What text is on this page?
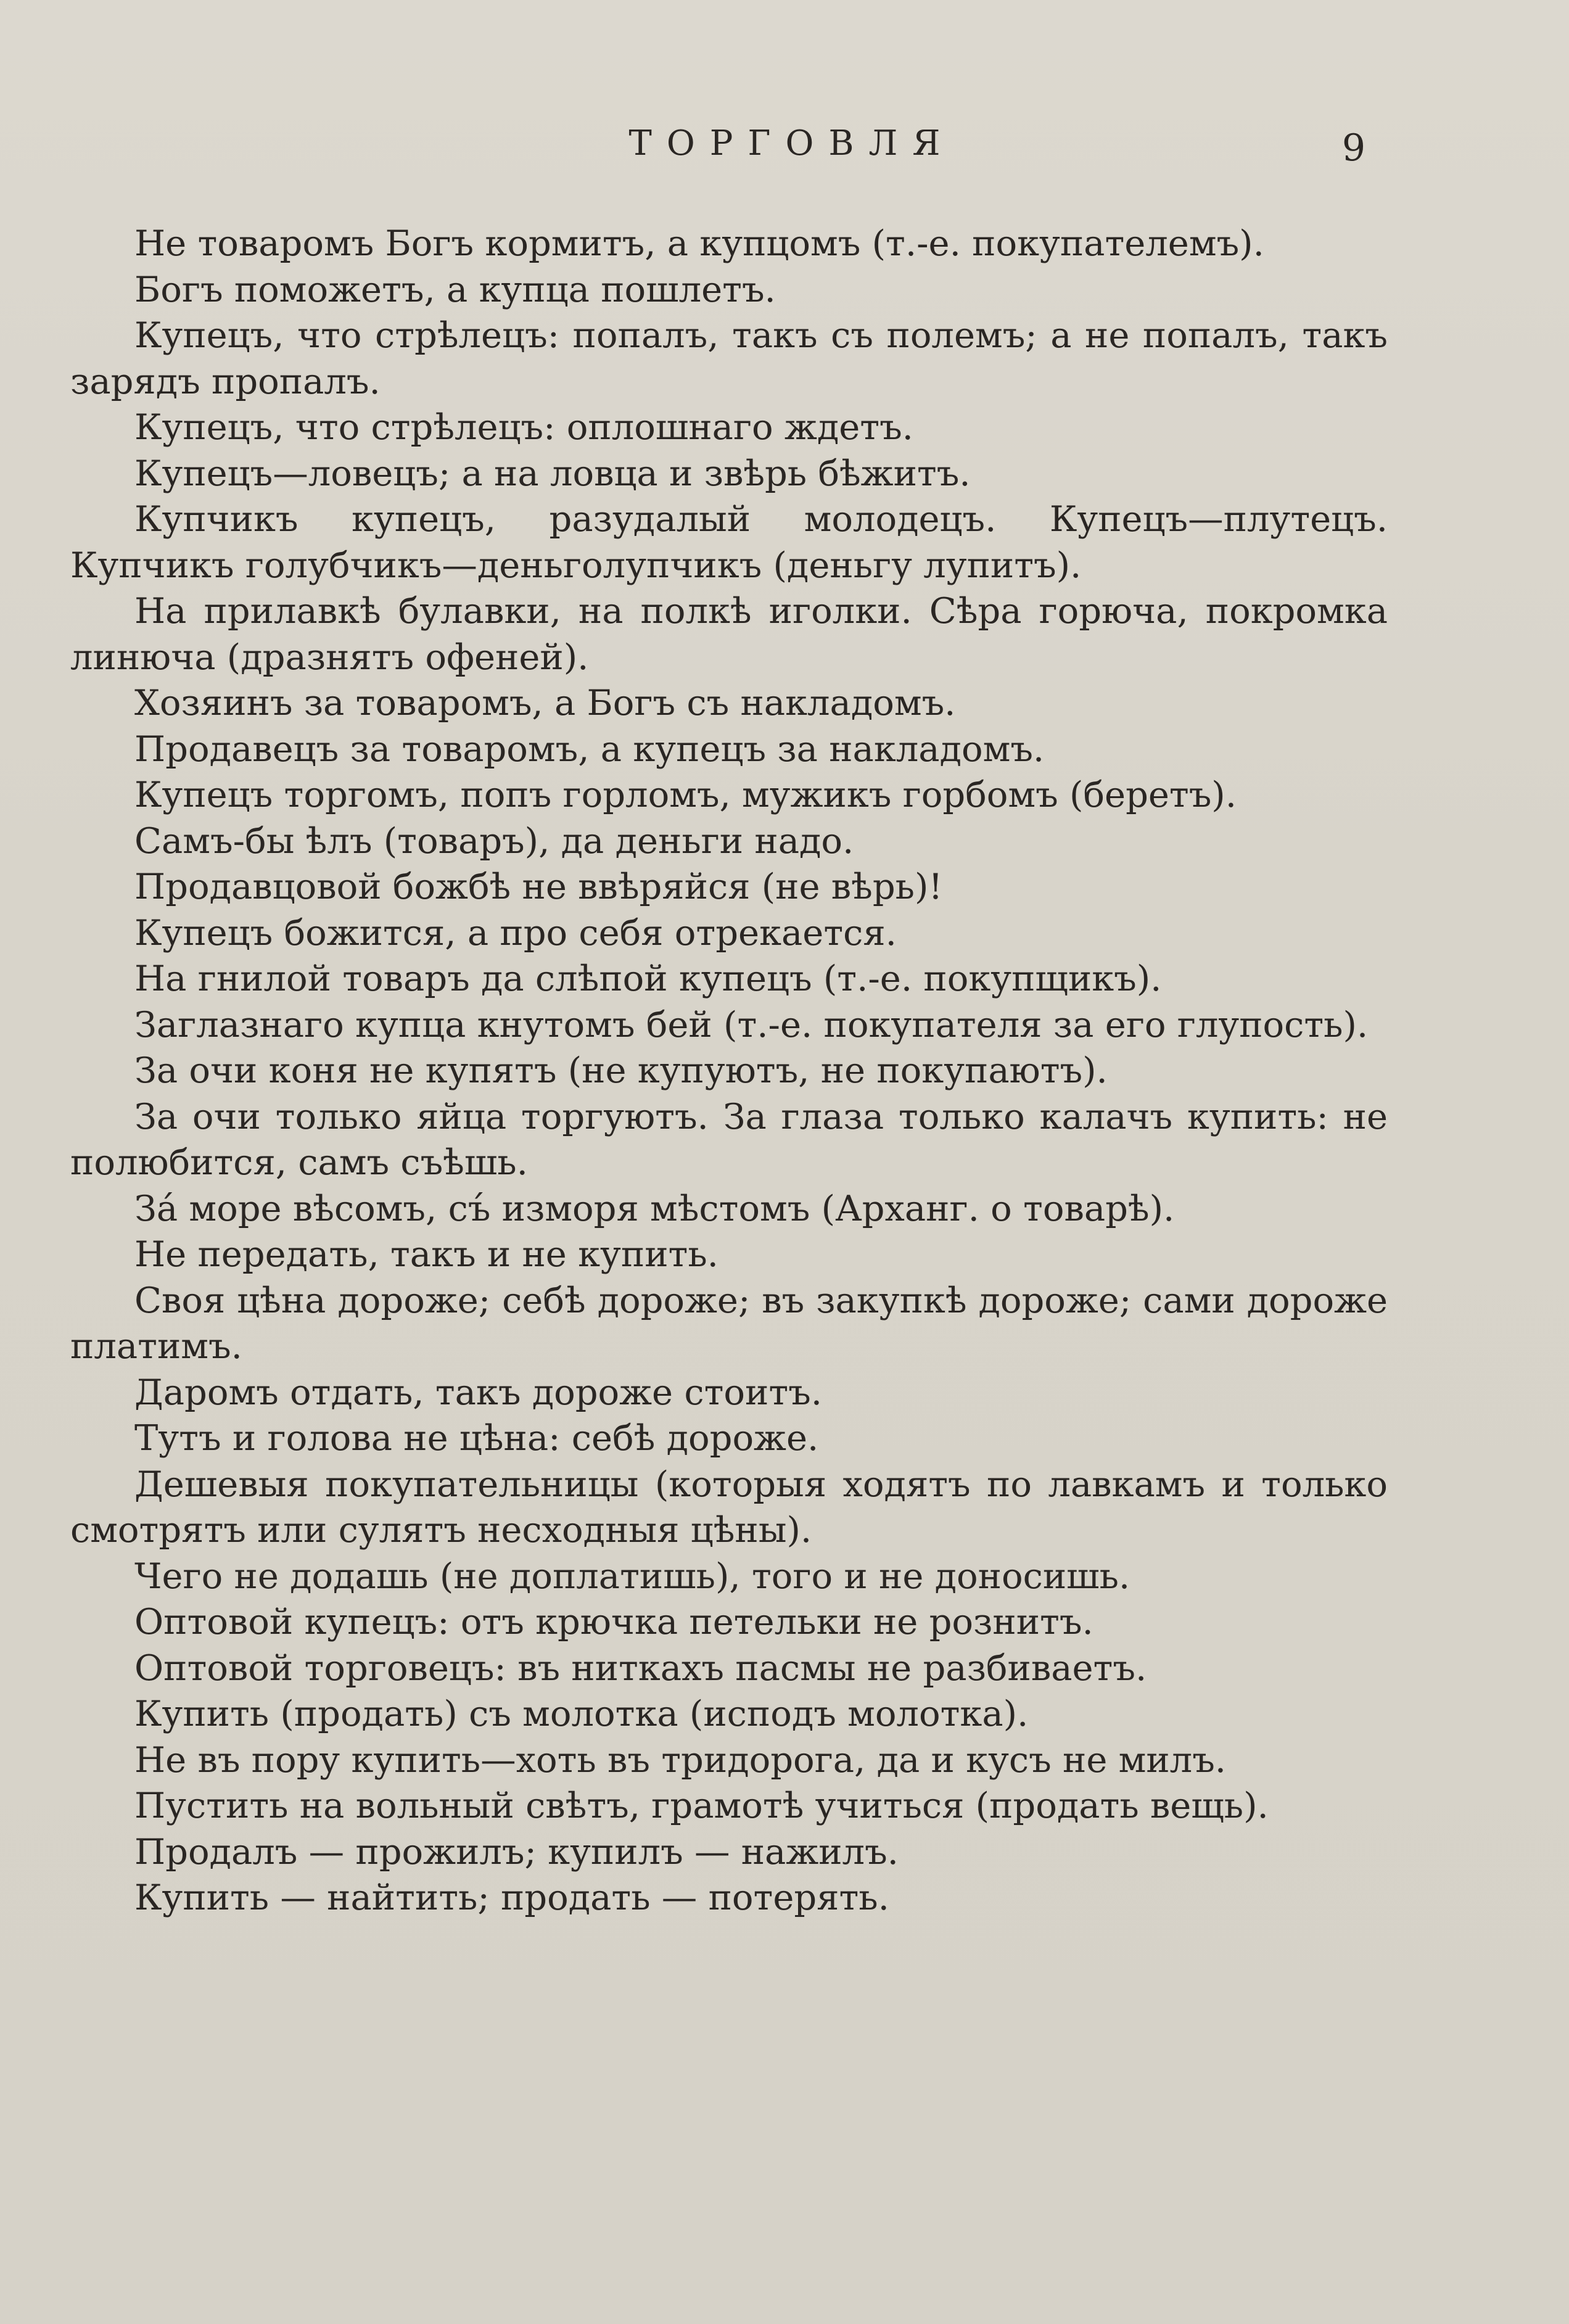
ТОРГОВЛЯ	9

Не товаромъ Богъ кормитъ, а купцомъ (т.-е. покупателемъ).

Богъ поможетъ, а купца пошлетъ.

Купецъ, что стрѣлецъ: попалъ, такъ съ полемъ; а не попалъ, такъ зарядъ пропалъ.

Купецъ, что стрѣлецъ: оплошнаго ждетъ.

Купецъ—ловецъ; а на ловца и звѣрь бѣжитъ.

Купчикъ купецъ, разудалый молодецъ. Купецъ—плутецъ. Купчикъ голубчикъ—деньголупчикъ (деньгу лупитъ).

На прилавкѣ булавки, на полкѣ иголки. Сѣра горюча, покромка линюча (дразнятъ офеней).

Хозяинъ за товаромъ, а Богъ съ накладомъ.

Продавецъ за товаромъ, а купецъ за накладомъ.

Купецъ торгомъ, попъ горломъ, мужикъ горбомъ (беретъ).

Самъ-бы ѣлъ (товаръ), да деньги надо.

Продавцовой божбѣ не ввѣряйся (не вѣрь)!

Купецъ божится, а про себя отрекается.

На гнилой товаръ да слѣпой купецъ (т.-е. покупщикъ).

Заглазнаго купца кнутомъ бей (т.-е. покупателя за его глупость).

За очи коня не купятъ (не купуютъ, не покупаютъ).

За очи только яйца торгуютъ. За глаза только калачъ купить: не полюбится, самъ съѣшь.

За́ море вѣсомъ, съ́ изморя мѣстомъ (Арханг. о товарѣ).

Не передать, такъ и не купить.

Своя цѣна дороже; себѣ дороже; въ закупкѣ дороже; сами дороже платимъ.

Даромъ отдать, такъ дороже стоитъ.

Тутъ и голова не цѣна: себѣ дороже.

Дешевыя покупательницы (которыя ходятъ по лавкамъ и только смотрятъ или сулятъ несходныя цѣны).

Чего не додашь (не доплатишь), того и не доносишь.

Оптовой купецъ: отъ крючка петельки не рознитъ.

Оптовой торговецъ: въ ниткахъ пасмы не разбиваетъ.

Купить (продать) съ молотка (исподъ молотка).

Не въ пору купить—хоть въ тридорога, да и кусъ не милъ.

Пустить на вольный свѣтъ, грамотѣ учиться (продать вещь).

Продалъ — прожилъ; купилъ — нажилъ.

Купить — найтить; продать — потерять.
